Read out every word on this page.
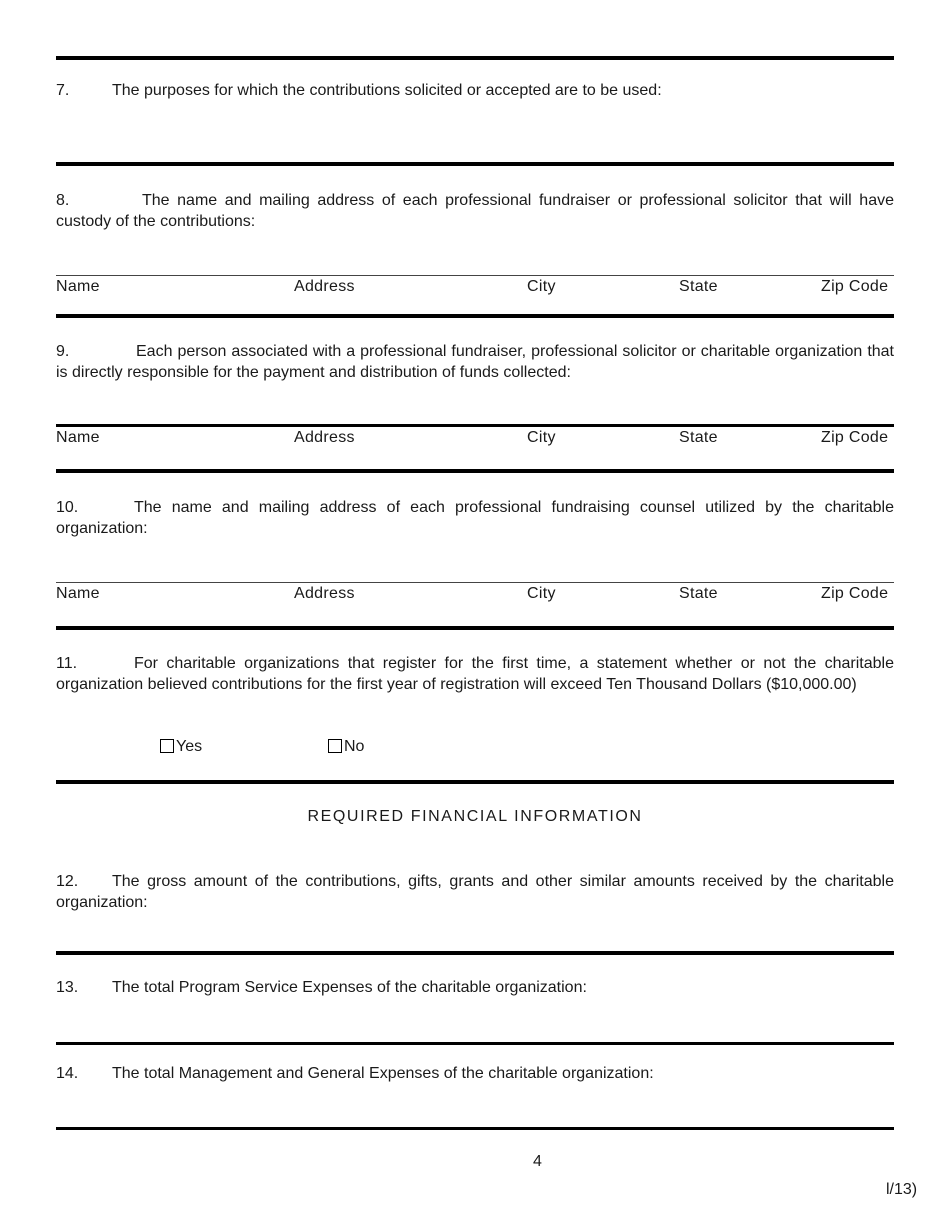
7.	The purposes for which the contributions solicited or accepted are to be used:
8.	The name and mailing address of each professional fundraiser or professional solicitor that will have custody of the contributions:
Name	Address	City	State	Zip Code
9.	Each person associated with a professional fundraiser, professional solicitor or charitable organization that is directly responsible for the payment and distribution of funds collected:
Name	Address	City	State	Zip Code
10.	The name and mailing address of each professional fundraising counsel utilized by the charitable organization:
Name	Address	City	State	Zip Code
11.	For charitable organizations that register for the first time, a statement whether or not the charitable organization believed contributions for the first year of registration will exceed Ten Thousand Dollars ($10,000.00)
Yes	No
REQUIRED FINANCIAL INFORMATION
12. The gross amount of the contributions, gifts, grants and other similar amounts received by the charitable organization:
13. The total Program Service Expenses of the charitable organization:
14. The total Management and General Expenses of the charitable organization:
4
l/13)
